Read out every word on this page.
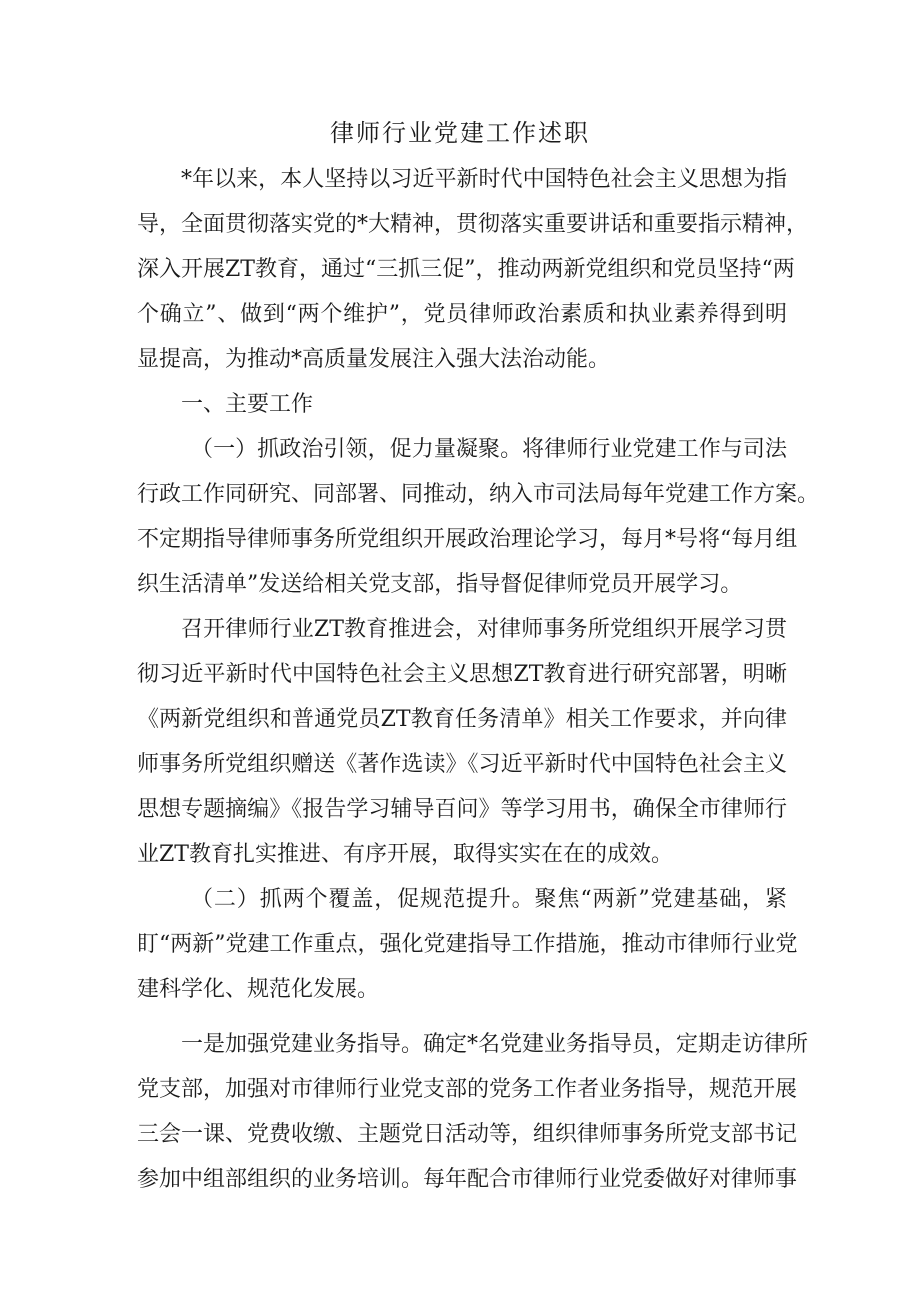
律师行业党建工作述职
*年以来，本人坚持以习近平新时代中国特色社会主义思想为指
导，全面贯彻落实党的*大精神，贯彻落实重要讲话和重要指示精神，
深入开展ZT教育，通过“三抓三促”，推动两新党组织和党员坚持“两
个确立”、做到“两个维护”，党员律师政治素质和执业素养得到明
显提高，为推动*高质量发展注入强大法治动能。
一、主要工作
（一）抓政治引领，促力量凝聚。将律师行业党建工作与司法
行政工作同研究、同部署、同推动，纳入市司法局每年党建工作方案。
不定期指导律师事务所党组织开展政治理论学习，每月*号将“每月组
织生活清单”发送给相关党支部，指导督促律师党员开展学习。
召开律师行业ZT教育推进会，对律师事务所党组织开展学习贯
彻习近平新时代中国特色社会主义思想ZT教育进行研究部署，明晰
《两新党组织和普通党员ZT教育任务清单》相关工作要求，并向律
师事务所党组织赠送《著作选读》《习近平新时代中国特色社会主义
思想专题摘编》《报告学习辅导百问》等学习用书，确保全市律师行
业ZT教育扎实推进、有序开展，取得实实在在的成效。
（二）抓两个覆盖，促规范提升。聚焦“两新”党建基础，紧
盯“两新”党建工作重点，强化党建指导工作措施，推动市律师行业党
建科学化、规范化发展。
一是加强党建业务指导。确定*名党建业务指导员，定期走访律所
党支部，加强对市律师行业党支部的党务工作者业务指导，规范开展
三会一课、党费收缴、主题党日活动等，组织律师事务所党支部书记
参加中组部组织的业务培训。每年配合市律师行业党委做好对律师事
